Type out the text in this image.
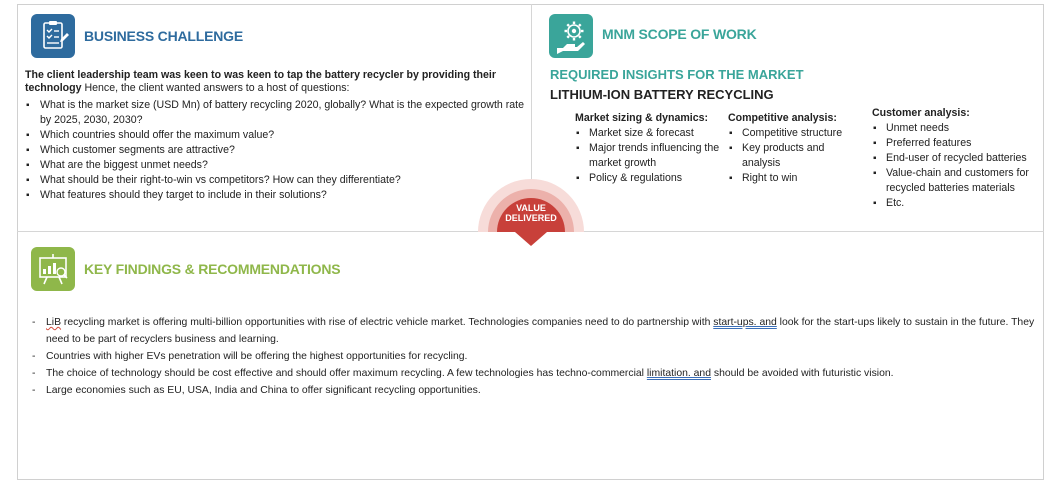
BUSINESS CHALLENGE
The client leadership team was keen to was keen to tap the battery recycler by providing their technology Hence, the client wanted answers to a host of questions:
▪ What is the market size (USD Mn) of battery recycling 2020, globally? What is the expected growth rate by 2025, 2030, 2030?
▪ Which countries should offer the maximum value?
▪ Which customer segments are attractive?
▪ What are the biggest unmet needs?
▪ What should be their right-to-win vs competitors? How can they differentiate?
▪ What features should they target to include in their solutions?
MNM SCOPE OF WORK
REQUIRED INSIGHTS FOR THE MARKET
LITHIUM-ION BATTERY RECYCLING
Market sizing & dynamics:
▪ Market size & forecast
▪ Major trends influencing the market growth
▪ Policy & regulations
Competitive analysis:
▪ Competitive structure
▪ Key products and analysis
▪ Right to win
Customer analysis:
▪ Unmet needs
▪ Preferred features
▪ End-user of recycled batteries
▪ Value-chain and customers for recycled batteries materials
▪ Etc.
VALUE
DELIVERED
KEY FINDINGS & RECOMMENDATIONS
- LiB recycling market is offering multi-billion opportunities with rise of electric vehicle market. Technologies companies need to do partnership with start-ups. and look for the start-ups likely to sustain in the future. They need to be part of recyclers business and learning.
- Countries with higher EVs penetration will be offering the highest opportunities for recycling.
- The choice of technology should be cost effective and should offer maximum recycling. A few technologies has techno-commercial limitation. and should be avoided with futuristic vision.
- Large economies such as EU, USA, India and China to offer significant recycling opportunities.
